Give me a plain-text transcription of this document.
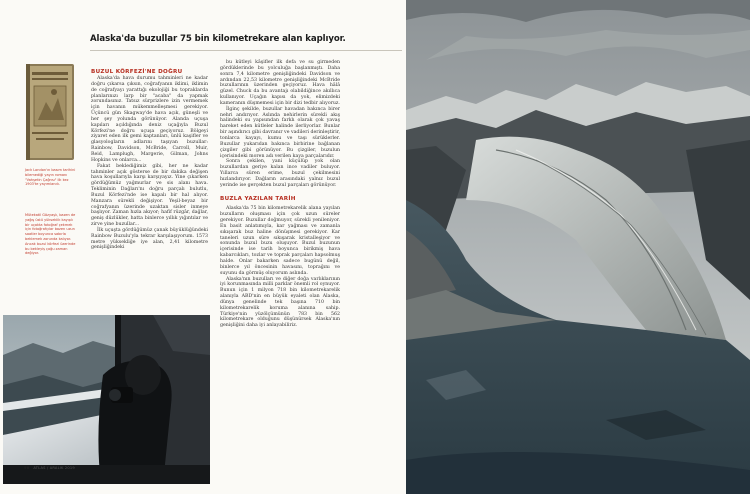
Alaska'da buzullar 75 bin kilometrekare alan kaplıyor.
Jack London'ın basım tarihini bilemediği yayın romanı "Vahşetin Çağrısı" ilk kez 1903'te yayımlandı.
Mütekatil Gözyaşlı, bazen de yağış üstü yükseklik kayıplı bir uçakta fotoğraf çekmek için fotoğrafçılar bazen uzun saatler boyunca sabırla beklemek zorunda kalıyor. Ancak buzul körfezi üzerinde bu bekleyiş çoğu zaman değiyor.
BUZUL KÖRFEZİ'NE DOĞRU

Alaska'da hava durumu tahminleri ne kadar doğru çıkarsa çıksın, coğrafyanın iklimi, iklimin de coğrafyayı yarattığı ekolojiği bu topraklarda planlarınızı larp bir "acaba" da yapmak zorundasınız. Tatsız sürprizlere izin vermemek için havanın mükemmelleşmesi gerekiyor. Üçüncü gün Skagway'de hava açık, güneşli ve her şey yolunda görünüyor. Alanda uçuşa kapıları açıldığında deniz uçağıyla Buzul Körfezi'ne doğru uçuşa geçiyoruz. Bölgeyi ziyaret eden ilk gemi kaptanları, ünlü kaşifler ve glasyologların adlarını taşıyan buzullar: Rainbow, Davidson, McBride, Carroll, Muir, Reid, Lamplugh, Margerie, Gilman, Johns Hopkins ve onlarca...

Fakat beklediğimiz gibi, her ne kadar tahminler açık gösterse de bir dakika değişen hava koşullarıyla karşı karşıyayız. Yine çıkarken gördüğümüz yağmurlar ve sis alanı hava. Tekliminin Dağları'nı doğru parçalı bulutlu, Buzul Körfezi'nde ise kapalı bir hal alıyor. Manzara sürekli değişiyor. Yeşil-beyaz bir coğrafyanın üzerinde uzaktan sisler inmeye başlıyor. Zaman hızla akıyor; hafif rüzgâr, dağlar, geniş düzlükler, hatta binlerce yıllık yığıntılar ve zirve yine buzullar...

İlk uçuşta gördüğümüz çanak büyüklüğündeki Rainbow Buzulu'yla tekrar karşılaşıyorum. 1573 metre yüksekliğe iye alan, 2,41 kilometre genişliğindeki

bu kütleyi kâşifler ilk defa ve su girmeden gördüklerinde bu yolculuğa başlanmıştı. Daha sonra 7,4 kilometre genişliğindeki Davidson ve ardından 22,53 kilometre genişliğindeki McBride buzullarının üzerinden geçiyoruz. Hava hâlâ güzel. Chuck da bu avantajı olabildiğince akıllıca kullanıyor. Uçağın kapısı da yok, elimizdeki kameranın düşmemesi için bir dizi tedbir alıyoruz.

İlginç şekilde, buzullar havadan bakınca birer nehri andırıyor. Aslında nehirlerin sürekli akış halindeki su yapısından farklı olarak çok yavaş hareket eden kütleler halinde ilerliyorlar. Bunlar bir aşındırıcı gibi davranır ve vadileri derinleştirir, tonlarca kayayı, kumu ve taşı sürüklerler. Buzullar yukarıdan bakınca birbirine bağlanan çizgiler gibi görünüyor. Bu çizgiler, buzulun içerisindeki moren adı verilen kaya parçalarıdır.

Sonra çekilen, yani küçülüp yok olan buzullardan geriye kalan ince vadiler buluyor. Yıllarca süren erime, buzul çekilmesini hızlandırıyor. Dağların arasındaki yalnız buzul yerinde ise gerçekten buzul parçaları görünüyor.

BUZLA YAZILAN TARİH

Alaska'da 75 bin kilometrekarelik alana yayılan buzulların oluşması için çok uzun süreler gerekiyor. Buzullar doğmuyor, sürekli yenileniyor. En basit anlatımıyla, kar yağması ve zamanla sıkışarak buz haline dönüşmesi gerekiyor. Kar taneleri uzun süre sıkışarak kristalleşiyor ve sonunda buzul buzu oluşuyor. Buzul buzunun içerisinde ise tarih boyunca birikmiş hava kabarcıkları, tozlar ve toprak parçaları hapsolmuş halde. Onlar bakarken sadece bugünü değil, binlerce yıl öncesinin havasını, toprağını ve suyunu da görmüş oluyorum aslında.

Alaska'nın buzulları ve diğer doğa varlıklarının iyi korunmasında milli parklar önemli rol oynuyor. Bunun için 1 milyon 718 bin kilometrekarelik alanıyla ABD'nin en büyük eyaleti olan Alaska, dünya genelinde tek başına 710 bin kilometrekarelik koruma alanına sahip. Türkiye'nin yüzölçümünün 783 bin 562 kilometrekare olduğunu düşünürsek Alaska'nın genişliğini daha iyi anlayabiliriz.

98 ATLAS / ARALIK 2019
